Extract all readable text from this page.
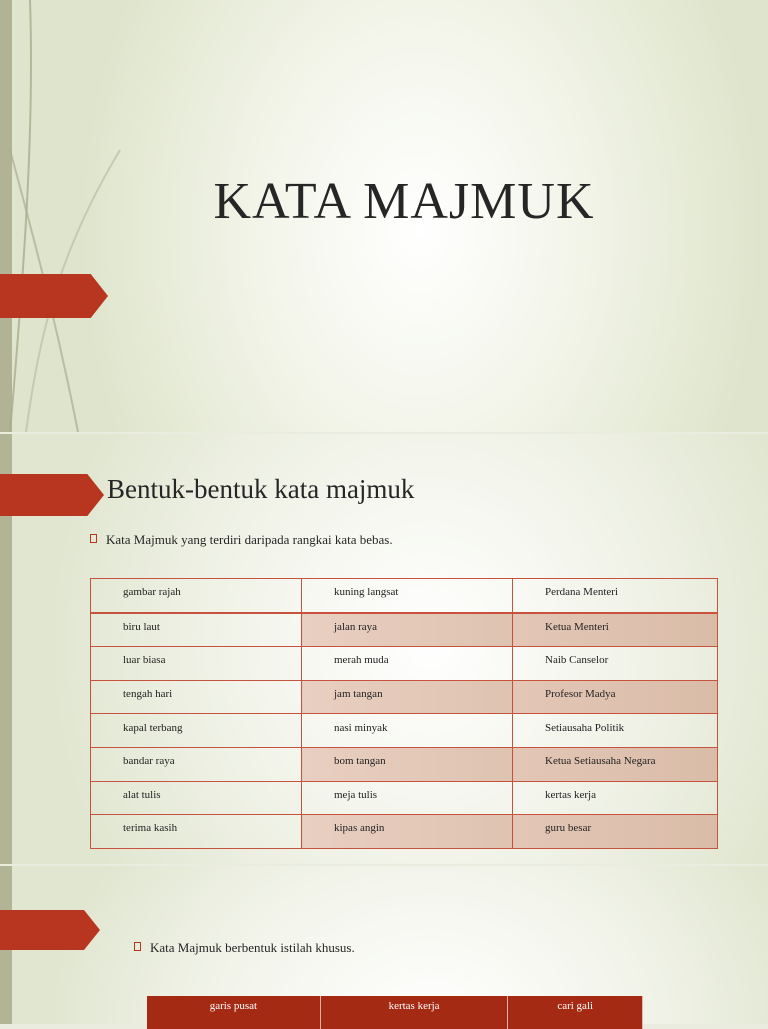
KATA MAJMUK
Bentuk-bentuk kata majmuk
Kata Majmuk yang terdiri daripada rangkai kata bebas.
gambar rajah	kuning langsat	Perdana Menteri
biru laut	jalan raya	Ketua Menteri
luar biasa	merah muda	Naib Canselor
tengah hari	jam tangan	Profesor Madya
kapal terbang	nasi minyak	Setiausaha Politik
bandar raya	bom tangan	Ketua Setiausaha Negara
alat tulis	meja tulis	kertas kerja
terima kasih	kipas angin	guru besar
Kata Majmuk berbentuk istilah khusus.
garis pusat	kertas kerja	cari gali
